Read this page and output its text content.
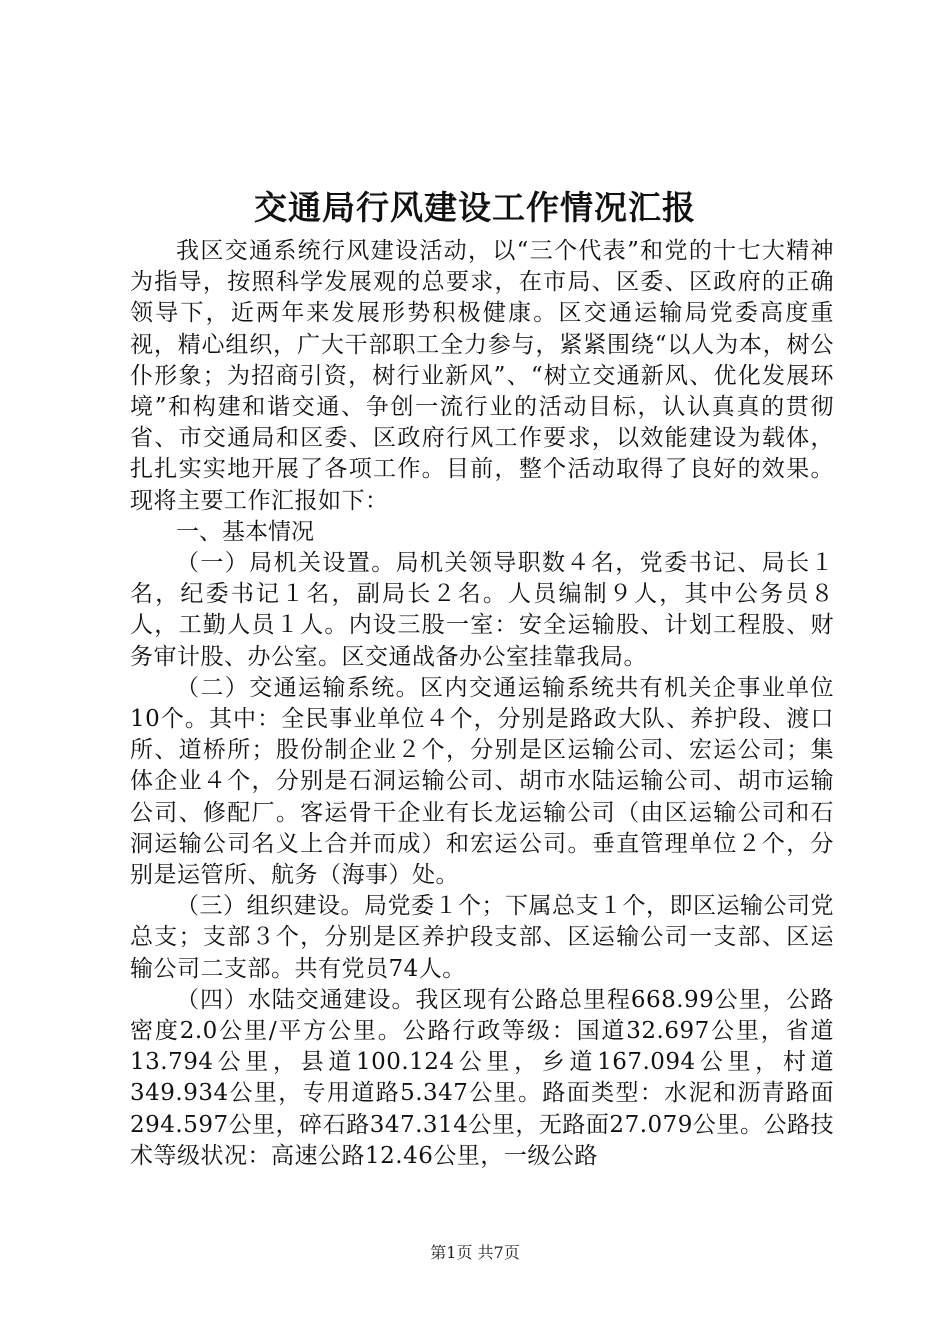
交通局行风建设工作情况汇报

我区交通系统行风建设活动，以“三个代表”和党的十七大精神为指导，按照科学发展观的总要求，在市局、区委、区政府的正确领导下，近两年来发展形势积极健康。区交通运输局党委高度重视，精心组织，广大干部职工全力参与，紧紧围绕“以人为本，树公仆形象；为招商引资，树行业新风”、“树立交通新风、优化发展环境”和构建和谐交通、争创一流行业的活动目标，认认真真的贯彻省、市交通局和区委、区政府行风工作要求，以效能建设为载体，扎扎实实地开展了各项工作。目前，整个活动取得了良好的效果。现将主要工作汇报如下：

一、基本情况

（一）局机关设置。局机关领导职数４名，党委书记、局长１名，纪委书记１名，副局长２名。人员编制９人，其中公务员８人，工勤人员１人。内设三股一室：安全运输股、计划工程股、财务审计股、办公室。区交通战备办公室挂靠我局。

（二）交通运输系统。区内交通运输系统共有机关企事业单位10个。其中：全民事业单位４个，分别是路政大队、养护段、渡口所、道桥所；股份制企业２个，分别是区运输公司、宏运公司；集体企业４个，分别是石洞运输公司、胡市水陆运输公司、胡市运输公司、修配厂。客运骨干企业有长龙运输公司（由区运输公司和石洞运输公司名义上合并而成）和宏运公司。垂直管理单位２个，分别是运管所、航务（海事）处。

（三）组织建设。局党委１个；下属总支１个，即区运输公司党总支；支部３个，分别是区养护段支部、区运输公司一支部、区运输公司二支部。共有党员74人。

（四）水陆交通建设。我区现有公路总里程668.99公里，公路密度2.0公里/平方公里。公路行政等级：国道32.697公里，省道13.794公里，县道100.124公里，乡道167.094公里，村道349.934公里，专用道路5.347公里。路面类型：水泥和沥青路面294.597公里，碎石路347.314公里，无路面27.079公里。公路技术等级状况：高速公路12.46公里，一级公路

第1页 共7页
